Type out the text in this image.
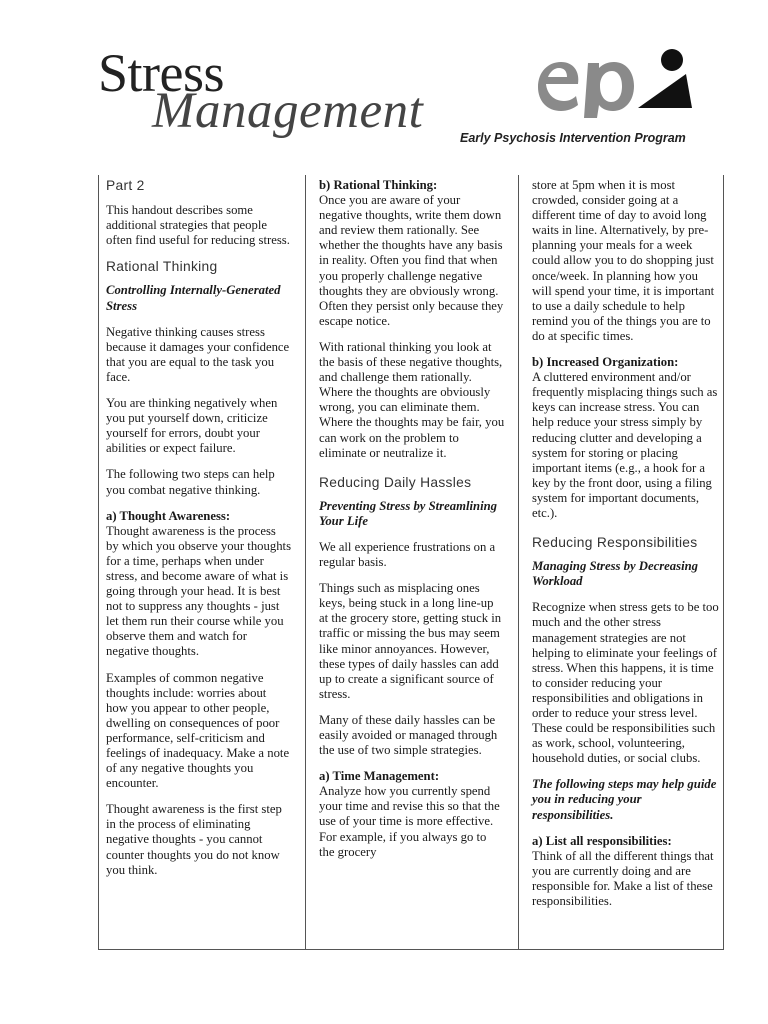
Stress
Management	Early Psychosis Intervention Program
Part 2

This handout describes some additional strategies that people often find useful for reducing stress.

Rational Thinking

Controlling Internally-Generated Stress

Negative thinking causes stress because it damages your confidence that you are equal to the task you face.

You are thinking negatively when you put yourself down, criticize yourself for errors, doubt your abilities or expect failure.

The following two steps can help you combat negative thinking.

a) Thought Awareness:
Thought awareness is the process by which you observe your thoughts for a time, perhaps when under stress, and become aware of what is going through your head. It is best not to suppress any thoughts - just let them run their course while you observe them and watch for negative thoughts.

Examples of common negative thoughts include: worries about how you appear to other people, dwelling on consequences of poor performance, self-criticism and feelings of inadequacy. Make a note of any negative thoughts you encounter.

Thought awareness is the first step in the process of eliminating negative thoughts - you cannot counter thoughts you do not know you think.

b) Rational Thinking:
Once you are aware of your negative thoughts, write them down and review them rationally. See whether the thoughts have any basis in reality. Often you find that when you properly challenge negative thoughts they are obviously wrong. Often they persist only because they escape notice.

With rational thinking you look at the basis of these negative thoughts, and challenge them rationally. Where the thoughts are obviously wrong, you can eliminate them. Where the thoughts may be fair, you can work on the problem to eliminate or neutralize it.

Reducing Daily Hassles

Preventing Stress by Streamlining Your Life

We all experience frustrations on a regular basis.

Things such as misplacing ones keys, being stuck in a long line-up at the grocery store, getting stuck in traffic or missing the bus may seem like minor annoyances. However, these types of daily hassles can add up to create a significant source of stress.

Many of these daily hassles can be easily avoided or managed through the use of two simple strategies.

a) Time Management:
Analyze how you currently spend your time and revise this so that the use of your time is more effective. For example, if you always go to the grocery

store at 5pm when it is most crowded, consider going at a different time of day to avoid long waits in line. Alternatively, by pre-planning your meals for a week could allow you to do shopping just once/week. In planning how you will spend your time, it is important to use a daily schedule to help remind you of the things you are to do at specific times.

b) Increased Organization:
A cluttered environment and/or frequently misplacing things such as keys can increase stress. You can help reduce your stress simply by reducing clutter and developing a system for storing or placing important items (e.g., a hook for a key by the front door, using a filing system for important documents, etc.).

Reducing Responsibilities

Managing Stress by Decreasing Workload

Recognize when stress gets to be too much and the other stress management strategies are not helping to eliminate your feelings of stress. When this happens, it is time to consider reducing your responsibilities and obligations in order to reduce your stress level. These could be responsibilities such as work, school, volunteering, household duties, or social clubs.

The following steps may help guide you in reducing your responsibilities.

a) List all responsibilities:
Think of all the different things that you are currently doing and are responsible for. Make a list of these responsibilities.
